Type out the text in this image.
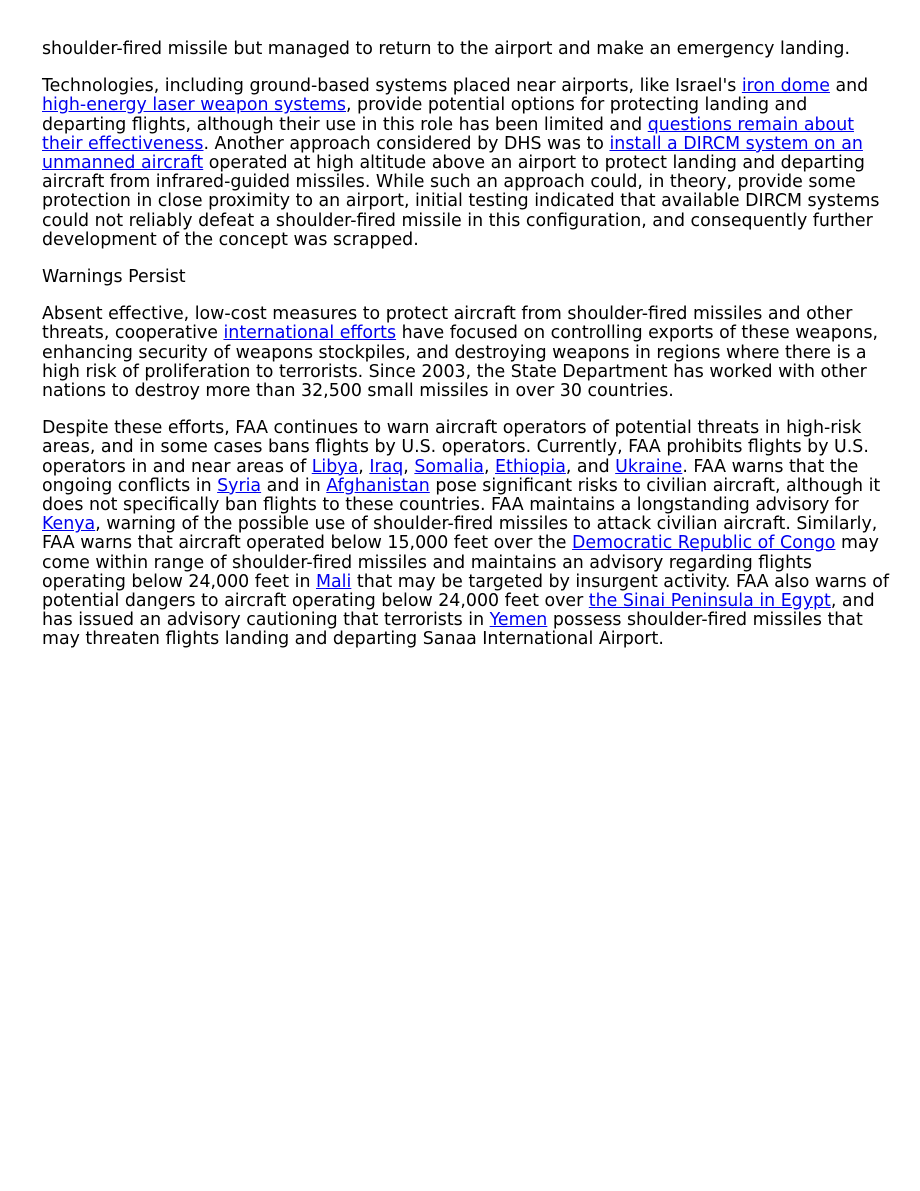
shoulder-fired missile but managed to return to the airport and make an emergency landing.

Technologies, including ground-based systems placed near airports, like Israel's iron dome and high-energy laser weapon systems, provide potential options for protecting landing and departing flights, although their use in this role has been limited and questions remain about their effectiveness. Another approach considered by DHS was to install a DIRCM system on an unmanned aircraft operated at high altitude above an airport to protect landing and departing aircraft from infrared-guided missiles. While such an approach could, in theory, provide some protection in close proximity to an airport, initial testing indicated that available DIRCM systems could not reliably defeat a shoulder-fired missile in this configuration, and consequently further development of the concept was scrapped.

Warnings Persist

Absent effective, low-cost measures to protect aircraft from shoulder-fired missiles and other threats, cooperative international efforts have focused on controlling exports of these weapons, enhancing security of weapons stockpiles, and destroying weapons in regions where there is a high risk of proliferation to terrorists. Since 2003, the State Department has worked with other nations to destroy more than 32,500 small missiles in over 30 countries.

Despite these efforts, FAA continues to warn aircraft operators of potential threats in high-risk areas, and in some cases bans flights by U.S. operators. Currently, FAA prohibits flights by U.S. operators in and near areas of Libya, Iraq, Somalia, Ethiopia, and Ukraine. FAA warns that the ongoing conflicts in Syria and in Afghanistan pose significant risks to civilian aircraft, although it does not specifically ban flights to these countries. FAA maintains a longstanding advisory for Kenya, warning of the possible use of shoulder-fired missiles to attack civilian aircraft. Similarly, FAA warns that aircraft operated below 15,000 feet over the Democratic Republic of Congo may come within range of shoulder-fired missiles and maintains an advisory regarding flights operating below 24,000 feet in Mali that may be targeted by insurgent activity. FAA also warns of potential dangers to aircraft operating below 24,000 feet over the Sinai Peninsula in Egypt, and has issued an advisory cautioning that terrorists in Yemen possess shoulder-fired missiles that may threaten flights landing and departing Sanaa International Airport.
